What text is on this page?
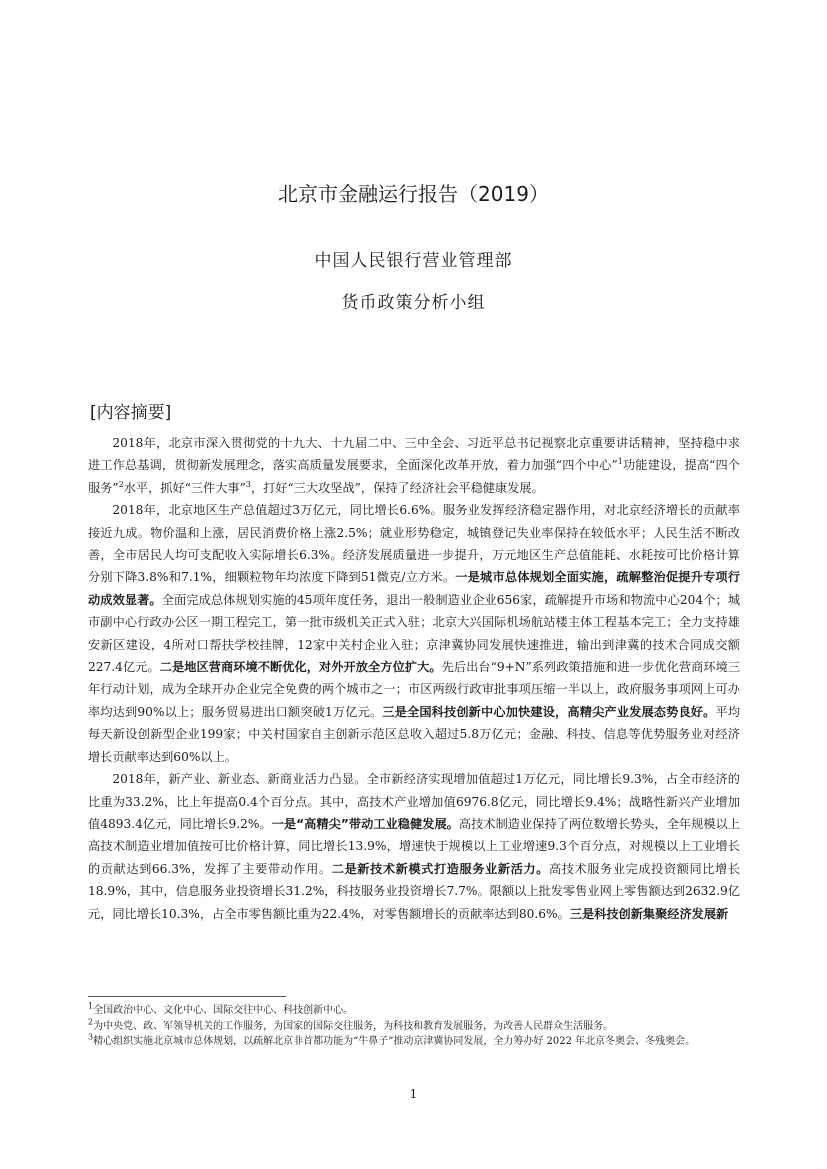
北京市金融运行报告（2019）
中国人民银行营业管理部
货币政策分析小组
[内容摘要]

2018年，北京市深入贯彻党的十九大、十九届二中、三中全会、习近平总书记视察北京重要讲话精神，坚持稳中求进工作总基调，贯彻新发展理念，落实高质量发展要求，全面深化改革开放，着力加强“四个中心”$^1$功能建设，提高“四个服务”$^2$水平，抓好“三件大事”$^3$，打好“三大攻坚战”，保持了经济社会平稳健康发展。

2018年，北京地区生产总值超过3万亿元，同比增长6.6%。服务业发挥经济稳定器作用，对北京经济增长的贡献率接近九成。物价温和上涨，居民消费价格上涨2.5%；就业形势稳定，城镇登记失业率保持在较低水平；人民生活不断改善，全市居民人均可支配收入实际增长6.3%。经济发展质量进一步提升，万元地区生产总值能耗、水耗按可比价格计算分别下降3.8%和7.1%，细颗粒物年均浓度下降到51微克/立方米。一是城市总体规划全面实施，疏解整治促提升专项行动成效显著。全面完成总体规划实施的45项年度任务，退出一般制造业企业656家，疏解提升市场和物流中心204个；城市副中心行政办公区一期工程完工，第一批市级机关正式入驻；北京大兴国际机场航站楼主体工程基本完工；全力支持雄安新区建设，4所对口帮扶学校挂牌，12家中关村企业入驻；京津冀协同发展快速推进，输出到津冀的技术合同成交额227.4亿元。二是地区营商环境不断优化，对外开放全方位扩大。先后出台“9+N”系列政策措施和进一步优化营商环境三年行动计划，成为全球开办企业完全免费的两个城市之一；市区两级行政审批事项压缩一半以上，政府服务事项网上可办率均达到90%以上；服务贸易进出口额突破1万亿元。三是全国科技创新中心加快建设，高精尖产业发展态势良好。平均每天新设创新型企业199家；中关村国家自主创新示范区总收入超过5.8万亿元；金融、科技、信息等优势服务业对经济增长贡献率达到60%以上。

2018年，新产业、新业态、新商业活力凸显。全市新经济实现增加值超过1万亿元，同比增长9.3%，占全市经济的比重为33.2%，比上年提高0.4个百分点。其中，高技术产业增加值6976.8亿元，同比增长9.4%；战略性新兴产业增加值4893.4亿元，同比增长9.2%。一是“高精尖”带动工业稳健发展。高技术制造业保持了两位数增长势头，全年规模以上高技术制造业增加值按可比价格计算，同比增长13.9%，增速快于规模以上工业增速9.3个百分点，对规模以上工业增长的贡献达到66.3%，发挥了主要带动作用。二是新技术新模式打造服务业新活力。高技术服务业完成投资额同比增长18.9%，其中，信息服务业投资增长31.2%，科技服务业投资增长7.7%。限额以上批发零售业网上零售额达到2632.9亿元，同比增长10.3%，占全市零售额比重为22.4%，对零售额增长的贡献率达到80.6%。三是科技创新集聚经济发展新

$^1$全国政治中心、文化中心、国际交往中心、科技创新中心。
$^2$为中央党、政、军领导机关的工作服务，为国家的国际交往服务，为科技和教育发展服务，为改善人民群众生活服务。
$^3$精心组织实施北京城市总体规划，以疏解北京非首都功能为“牛鼻子”推动京津冀协同发展，全力筹办好 2022 年北京冬奥会、冬残奥会。
1
